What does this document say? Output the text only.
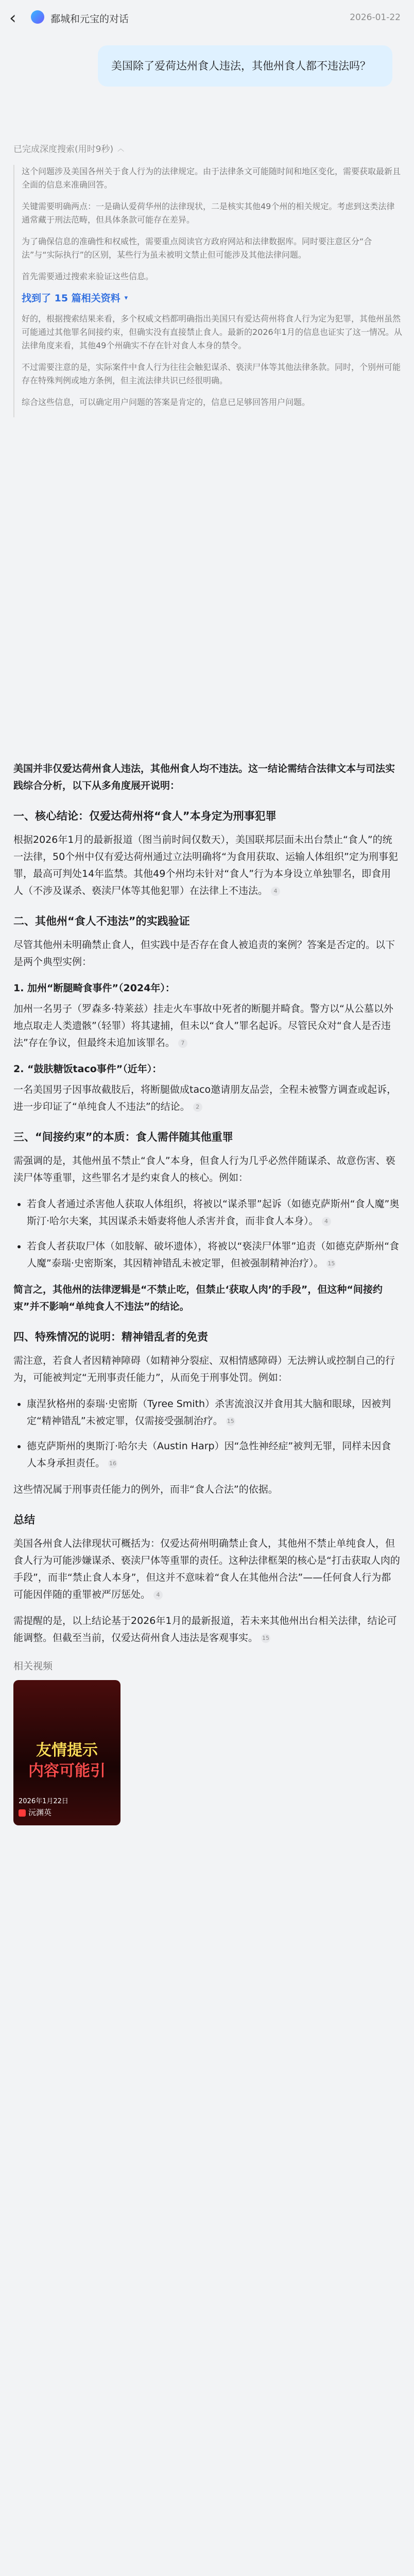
‹	鄱城和元宝的对话	2026-01-22
美国除了爱荷达州食人违法，其他州食人都不违法吗？
已完成深度搜索(用时9秒) ︿

这个问题涉及美国各州关于食人行为的法律规定。由于法律条文可能随时间和地区变化，需要获取最新且全面的信息来准确回答。

关键需要明确两点：一是确认爱荷华州的法律现状，二是核实其他49个州的相关规定。考虑到这类法律通常藏于刑法范畴，但具体条款可能存在差异。

为了确保信息的准确性和权威性，需要重点阅读官方政府网站和法律数据库。同时要注意区分“合法”与“实际执行”的区别，某些行为虽未被明文禁止但可能涉及其他法律问题。

首先需要通过搜索来验证这些信息。

找到了 15 篇相关资料 ▾

好的，根据搜索结果来看，多个权威文档都明确指出美国只有爱达荷州将食人行为定为犯罪，其他州虽然可能通过其他罪名间接约束，但确实没有直接禁止食人。最新的2026年1月的信息也证实了这一情况。从法律角度来看，其他49个州确实不存在针对食人本身的禁令。

不过需要注意的是，实际案件中食人行为往往会触犯谋杀、亵渎尸体等其他法律条款。同时，个别州可能存在特殊判例或地方条例，但主流法律共识已经很明确。

综合这些信息，可以确定用户问题的答案是肯定的，信息已足够回答用户问题。

美国并非仅爱达荷州食人违法，其他州食人均不违法。这一结论需结合法律文本与司法实践综合分析，以下从多角度展开说明：

一、核心结论：仅爱达荷州将“食人”本身定为刑事犯罪

根据2026年1月的最新报道（图当前时间仅数天），美国联邦层面未出台禁止“食人”的统一法律，50个州中仅有爱达荷州通过立法明确将“为食用获取、运输人体组织”定为刑事犯罪，最高可判处14年监禁。其他49个州均未针对“食人”行为本身设立单独罪名，即食用人（不涉及谋杀、亵渎尸体等其他犯罪）在法律上不违法。 4

二、其他州“食人不违法”的实践验证

尽管其他州未明确禁止食人，但实践中是否存在食人被追责的案例？答案是否定的。以下是两个典型实例：

1. 加州“断腿畸食事件”（2024年）：

加州一名男子（罗森多·特莱兹）挂走火车事故中死者的断腿并畸食。警方以“从公墓以外地点取走人类遗骸”（轻罪）将其逮捕，但未以“食人”罪名起诉。尽管民众对“食人是否违法”存在争议，但最终未追加该罪名。 7

2. “鼓肤糖饭taco事件”（近年）：

一名美国男子因事故截肢后，将断腿做成taco邀请朋友品尝，全程未被警方调查或起诉，进一步印证了“单纯食人不违法”的结论。 2

三、“间接约束”的本质：食人需伴随其他重罪

需强调的是，其他州虽不禁止“食人”本身，但食人行为几乎必然伴随谋杀、故意伤害、亵渎尸体等重罪，这些罪名才是约束食人的核心。例如：

• 若食人者通过杀害他人获取人体组织，将被以“谋杀罪”起诉（如德克萨斯州“食人魔”奥斯汀·哈尔夫案，其因谋杀未婚妻将他人杀害并食，而非食人本身）。 4
• 若食人者获取尸体（如肢解、破坏遗体），将被以“亵渎尸体罪”追责（如德克萨斯州“食人魔”泰瑞·史密斯案，其因精神错乱未被定罪，但被强制精神治疗）。 15

简言之，其他州的法律逻辑是“不禁止吃，但禁止‘获取人肉’的手段”，但这种“间接约束”并不影响“单纯食人不违法”的结论。

四、特殊情况的说明：精神错乱者的免责

需注意，若食人者因精神障碍（如精神分裂症、双相情感障碍）无法辨认或控制自己的行为，可能被判定“无刑事责任能力”，从而免于刑事处罚。例如：

• 康涅狄格州的泰瑞·史密斯（Tyree Smith）杀害流浪汉并食用其大脑和眼球，因被判定“精神错乱”未被定罪，仅需接受强制治疗。 15
• 德克萨斯州的奥斯汀·哈尔夫（Austin Harp）因“急性神经症”被判无罪，同样未因食人本身承担责任。 16

这些情况属于刑事责任能力的例外，而非“食人合法”的依据。

总结

美国各州食人法律现状可概括为：仅爱达荷州明确禁止食人，其他州不禁止单纯食人，但食人行为可能涉嫌谋杀、亵渎尸体等重罪的责任。这种法律框架的核心是“打击获取人肉的手段”，而非“禁止食人本身”，但这并不意味着“食人在其他州合法”——任何食人行为都可能因伴随的重罪被严厉惩处。 4

需提醒的是，以上结论基于2026年1月的最新报道，若未来其他州出台相关法律，结论可能调整。但截至当前，仅爱达荷州食人违法是客观事实。 15

相关视频
友情提示
内容可能引
2026年1月22日
沅渊英
